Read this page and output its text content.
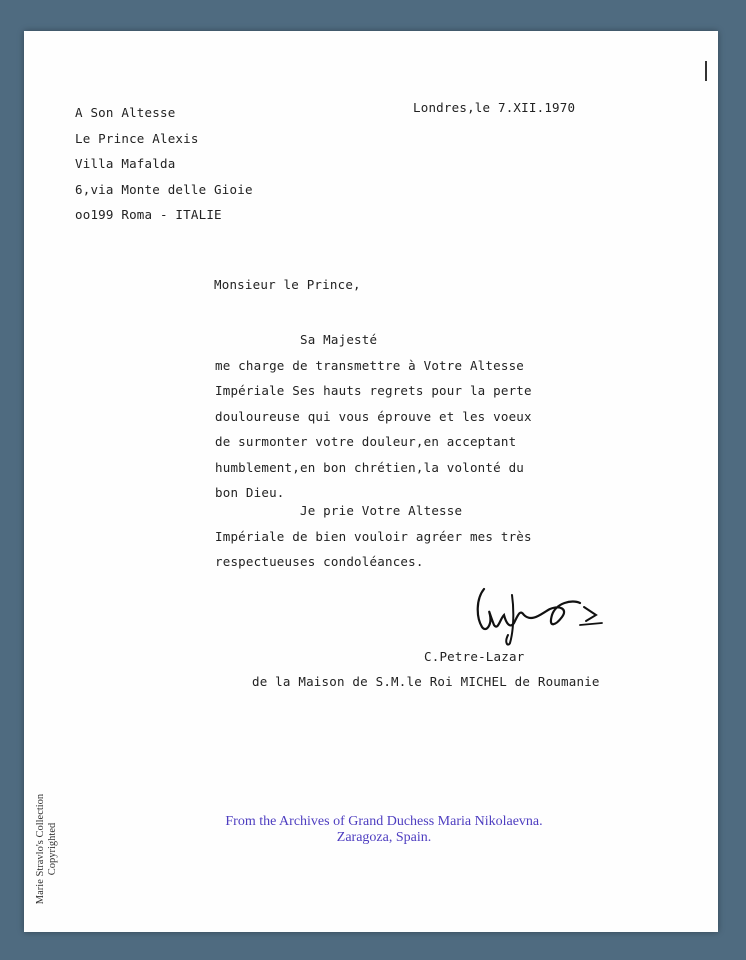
A Son Altesse
Le Prince Alexis
Villa Mafalda
6,via Monte delle Gioie
oo199 Roma - ITALIE
Londres,le 7.XII.1970
Monsieur le Prince,
Sa Majesté
me charge de transmettre à Votre Altesse
Impériale Ses hauts regrets pour la perte
douloureuse qui vous éprouve et les voeux
de surmonter votre douleur,en acceptant
humblement,en bon chrétien,la volonté du
bon Dieu.
Je prie Votre Altesse
Impériale de bien vouloir agréer mes très
respectueuses condoléances.
C.Petre-Lazar
de la Maison de S.M.le Roi MICHEL de Roumanie
From the Archives of Grand Duchess Maria Nikolaevna.
Zaragoza, Spain.
Marie Stravlo's Collection Copyrighted
